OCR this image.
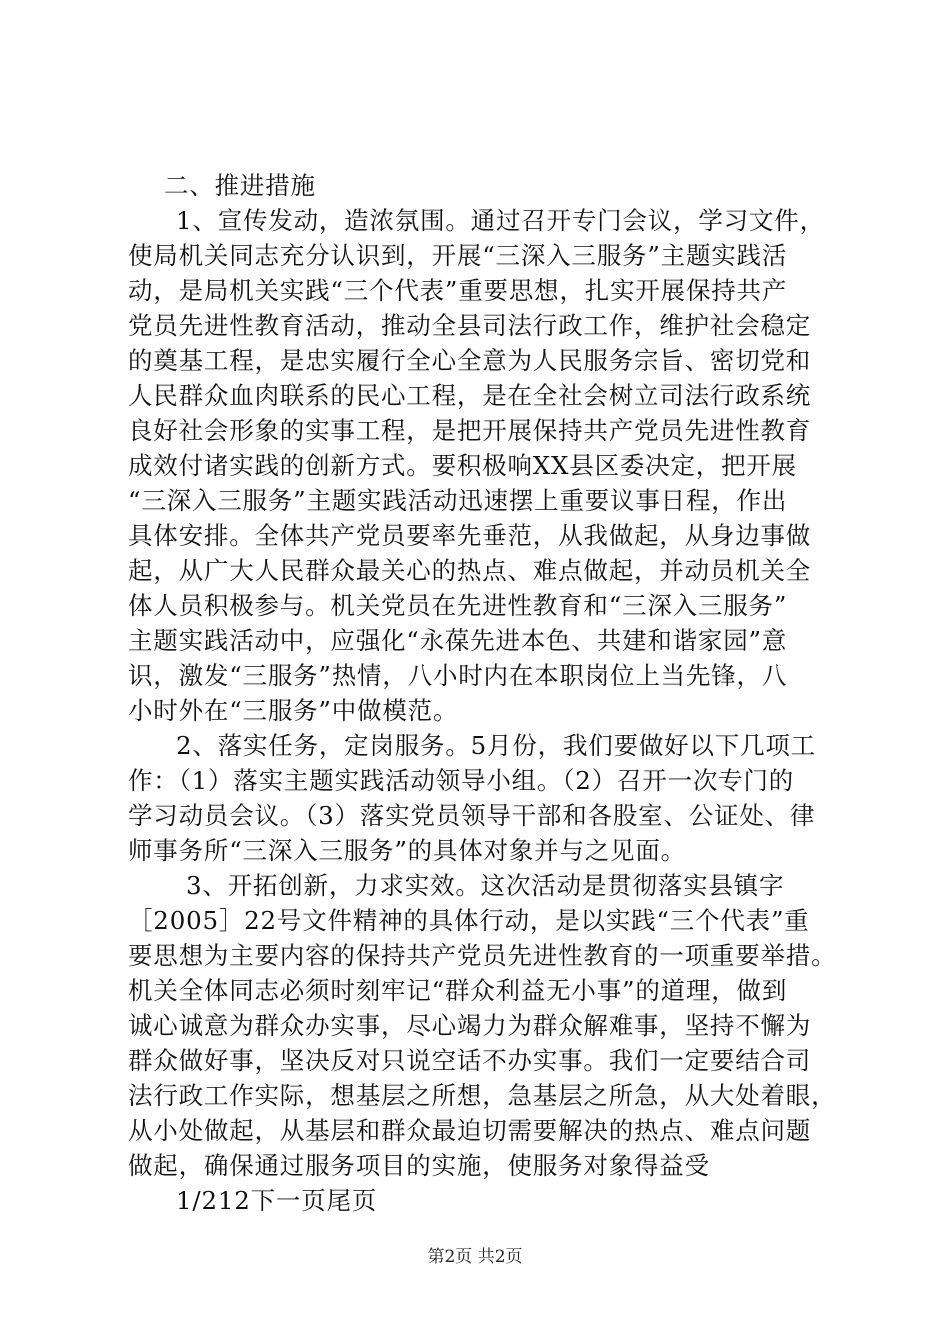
二、推进措施
1、宣传发动，造浓氛围。通过召开专门会议，学习文件，
使局机关同志充分认识到，开展“三深入三服务”主题实践活
动，是局机关实践“三个代表”重要思想，扎实开展保持共产
党员先进性教育活动，推动全县司法行政工作，维护社会稳定
的奠基工程，是忠实履行全心全意为人民服务宗旨、密切党和
人民群众血肉联系的民心工程，是在全社会树立司法行政系统
良好社会形象的实事工程，是把开展保持共产党员先进性教育
成效付诸实践的创新方式。要积极响XX县区委决定，把开展
“三深入三服务”主题实践活动迅速摆上重要议事日程，作出
具体安排。全体共产党员要率先垂范，从我做起，从身边事做
起，从广大人民群众最关心的热点、难点做起，并动员机关全
体人员积极参与。机关党员在先进性教育和“三深入三服务”
主题实践活动中，应强化“永葆先进本色、共建和谐家园”意
识，激发“三服务”热情，八小时内在本职岗位上当先锋，八
小时外在“三服务”中做模范。
2、落实任务，定岗服务。5月份，我们要做好以下几项工
作：（1）落实主题实践活动领导小组。（2）召开一次专门的
学习动员会议。（3）落实党员领导干部和各股室、公证处、律
师事务所“三深入三服务”的具体对象并与之见面。
3、开拓创新，力求实效。这次活动是贯彻落实县镇字
［2005］22号文件精神的具体行动，是以实践“三个代表”重
要思想为主要内容的保持共产党员先进性教育的一项重要举措。
机关全体同志必须时刻牢记“群众利益无小事”的道理，做到
诚心诚意为群众办实事，尽心竭力为群众解难事，坚持不懈为
群众做好事，坚决反对只说空话不办实事。我们一定要结合司
法行政工作实际，想基层之所想，急基层之所急，从大处着眼，
从小处做起，从基层和群众最迫切需要解决的热点、难点问题
做起，确保通过服务项目的实施，使服务对象得益受
1/212下一页尾页
第2页 共2页
